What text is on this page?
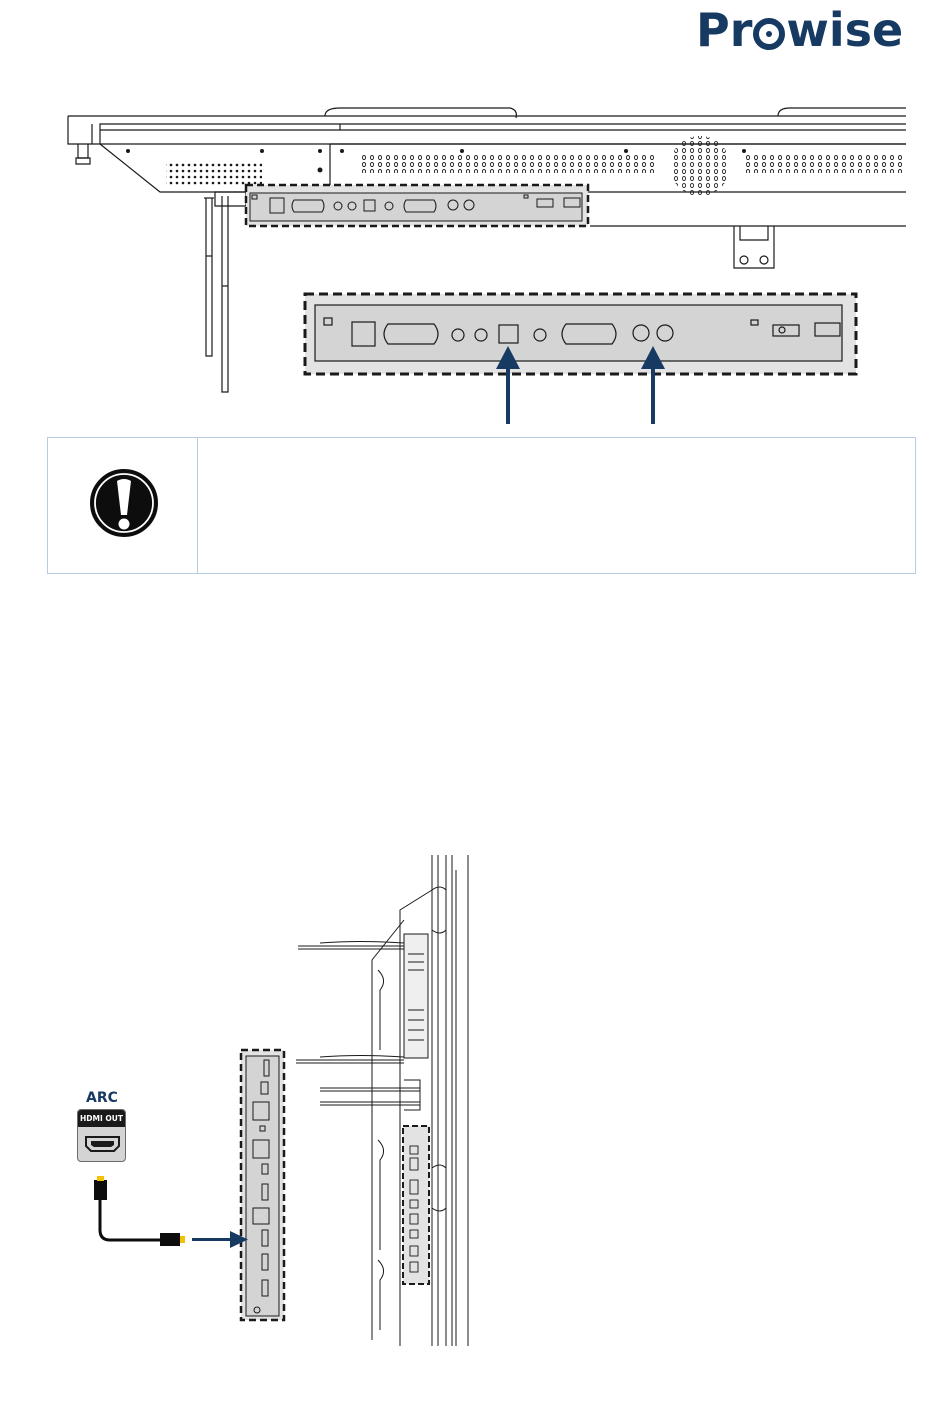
Pr wise
ARC
HDMI OUT
